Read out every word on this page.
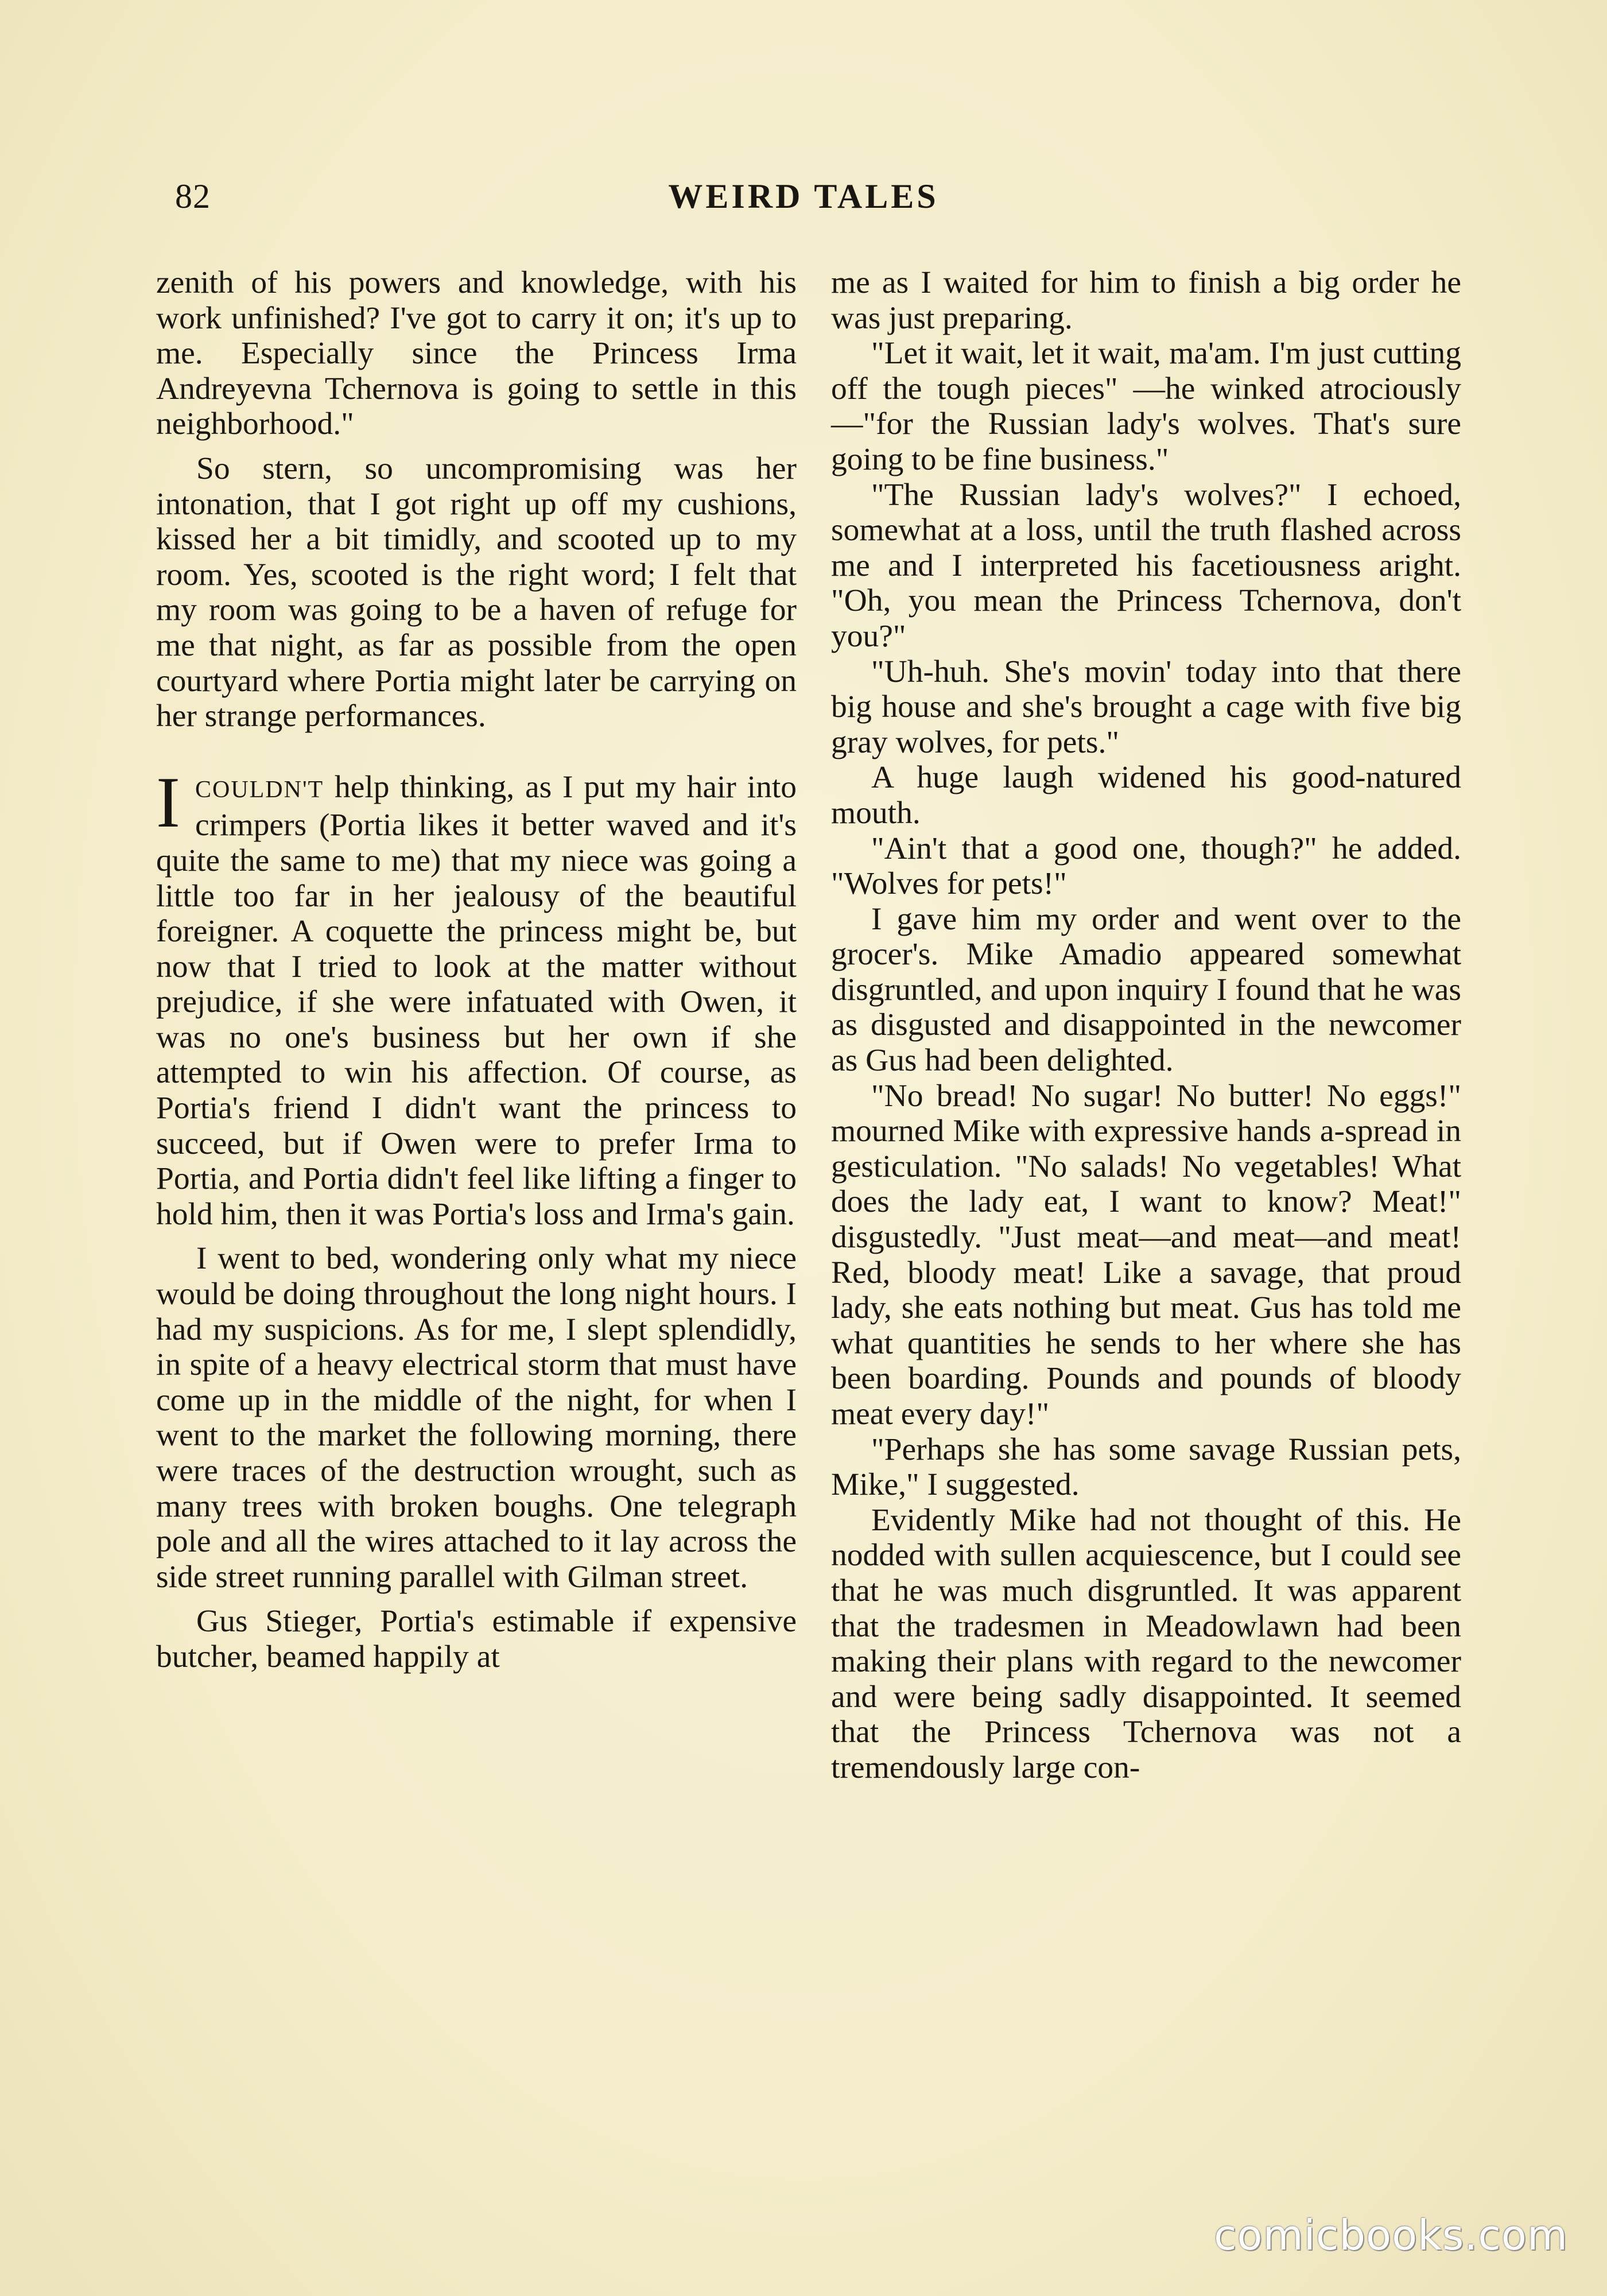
82	WEIRD TALES

zenith of his powers and knowledge, with his work unfinished? I've got to carry it on; it's up to me. Especially since the Princess Irma Andreyevna Tchernova is going to settle in this neighborhood."

So stern, so uncompromising was her intonation, that I got right up off my cushions, kissed her a bit timidly, and scooted up to my room. Yes, scooted is the right word; I felt that my room was going to be a haven of refuge for me that night, as far as possible from the open courtyard where Portia might later be carrying on her strange performances.

ICOULDN'T help thinking, as I put my hair into crimpers (Portia likes it better waved and it's quite the same to me) that my niece was going a little too far in her jealousy of the beautiful foreigner. A coquette the princess might be, but now that I tried to look at the matter without prejudice, if she were infatuated with Owen, it was no one's business but her own if she attempted to win his affection. Of course, as Portia's friend I didn't want the princess to succeed, but if Owen were to prefer Irma to Portia, and Portia didn't feel like lifting a finger to hold him, then it was Portia's loss and Irma's gain.

I went to bed, wondering only what my niece would be doing throughout the long night hours. I had my suspicions. As for me, I slept splendidly, in spite of a heavy electrical storm that must have come up in the middle of the night, for when I went to the market the following morning, there were traces of the destruction wrought, such as many trees with broken boughs. One telegraph pole and all the wires attached to it lay across the side street running parallel with Gilman street.

Gus Stieger, Portia's estimable if expensive butcher, beamed happily at

me as I waited for him to finish a big order he was just preparing.

"Let it wait, let it wait, ma'am. I'm just cutting off the tough pieces" —he winked atrociously—"for the Russian lady's wolves. That's sure going to be fine business."

"The Russian lady's wolves?" I echoed, somewhat at a loss, until the truth flashed across me and I interpreted his facetiousness aright. "Oh, you mean the Princess Tchernova, don't you?"

"Uh-huh. She's movin' today into that there big house and she's brought a cage with five big gray wolves, for pets."

A huge laugh widened his good-natured mouth.

"Ain't that a good one, though?" he added. "Wolves for pets!"

I gave him my order and went over to the grocer's. Mike Amadio appeared somewhat disgruntled, and upon inquiry I found that he was as disgusted and disappointed in the newcomer as Gus had been delighted.

"No bread! No sugar! No butter! No eggs!" mourned Mike with expressive hands a-spread in gesticulation. "No salads! No vegetables! What does the lady eat, I want to know? Meat!" disgustedly. "Just meat—and meat—and meat! Red, bloody meat! Like a savage, that proud lady, she eats nothing but meat. Gus has told me what quantities he sends to her where she has been boarding. Pounds and pounds of bloody meat every day!"

"Perhaps she has some savage Russian pets, Mike," I suggested.

Evidently Mike had not thought of this. He nodded with sullen acquiescence, but I could see that he was much disgruntled. It was apparent that the tradesmen in Meadowlawn had been making their plans with regard to the newcomer and were being sadly disappointed. It seemed that the Princess Tchernova was not a tremendously large con-

comicbooks.com
